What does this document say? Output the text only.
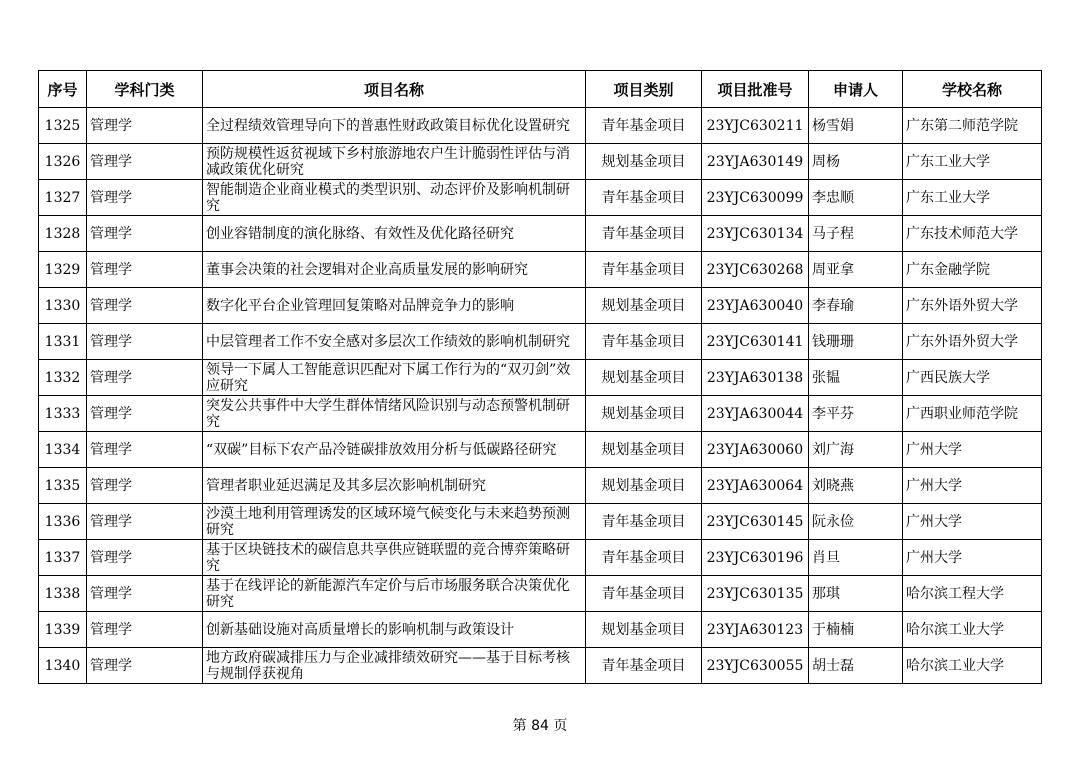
序号	学科门类	项目名称	项目类别	项目批准号	申请人	学校名称
1325	管理学	全过程绩效管理导向下的普惠性财政政策目标优化设置研究	青年基金项目	23YJC630211	杨雪娟	广东第二师范学院
1326	管理学	预防规模性返贫视域下乡村旅游地农户生计脆弱性评估与消减政策优化研究	规划基金项目	23YJA630149	周杨	广东工业大学
1327	管理学	智能制造企业商业模式的类型识别、动态评价及影响机制研究	青年基金项目	23YJC630099	李忠顺	广东工业大学
1328	管理学	创业容错制度的演化脉络、有效性及优化路径研究	青年基金项目	23YJC630134	马子程	广东技术师范大学
1329	管理学	董事会决策的社会逻辑对企业高质量发展的影响研究	青年基金项目	23YJC630268	周亚拿	广东金融学院
1330	管理学	数字化平台企业管理回复策略对品牌竞争力的影响	规划基金项目	23YJA630040	李春瑜	广东外语外贸大学
1331	管理学	中层管理者工作不安全感对多层次工作绩效的影响机制研究	青年基金项目	23YJC630141	钱珊珊	广东外语外贸大学
1332	管理学	领导一下属人工智能意识匹配对下属工作行为的“双刃剑”效应研究	规划基金项目	23YJA630138	张韫	广西民族大学
1333	管理学	突发公共事件中大学生群体情绪风险识别与动态预警机制研究	规划基金项目	23YJA630044	李平芬	广西职业师范学院
1334	管理学	“双碳”目标下农产品冷链碳排放效用分析与低碳路径研究	规划基金项目	23YJA630060	刘广海	广州大学
1335	管理学	管理者职业延迟满足及其多层次影响机制研究	规划基金项目	23YJA630064	刘晓燕	广州大学
1336	管理学	沙漠土地利用管理诱发的区域环境气候变化与未来趋势预测研究	青年基金项目	23YJC630145	阮永俭	广州大学
1337	管理学	基于区块链技术的碳信息共享供应链联盟的竞合博弈策略研究	青年基金项目	23YJC630196	肖旦	广州大学
1338	管理学	基于在线评论的新能源汽车定价与后市场服务联合决策优化研究	青年基金项目	23YJC630135	那琪	哈尔滨工程大学
1339	管理学	创新基础设施对高质量增长的影响机制与政策设计	规划基金项目	23YJA630123	于楠楠	哈尔滨工业大学
1340	管理学	地方政府碳减排压力与企业减排绩效研究——基于目标考核与规制俘获视角	青年基金项目	23YJC630055	胡士磊	哈尔滨工业大学
第 84 页
